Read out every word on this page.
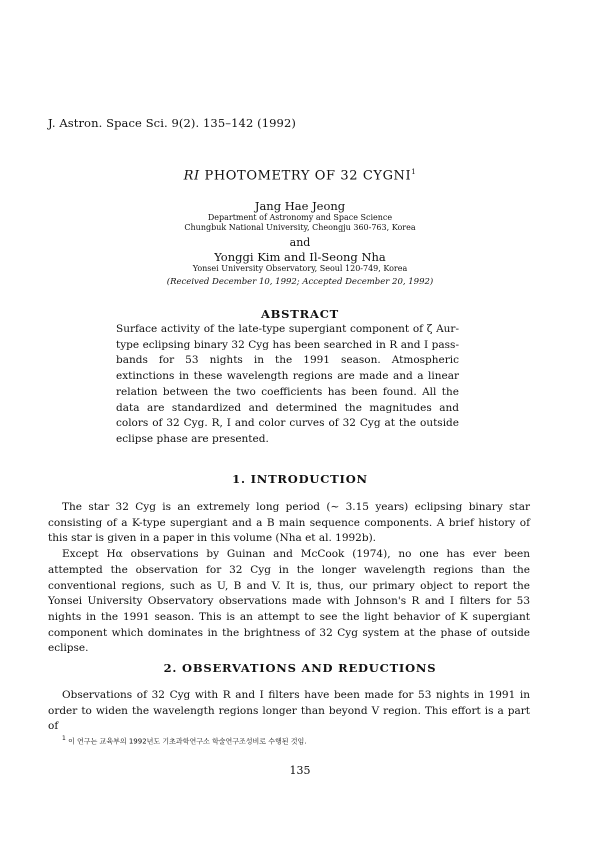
J. Astron. Space Sci. 9(2). 135–142 (1992)
RI PHOTOMETRY OF 32 CYGNI$^1$
Jang Hae Jeong
Department of Astronomy and Space Science
Chungbuk National University, Cheongju 360-763, Korea
and
Yonggi Kim and Il-Seong Nha
Yonsei University Observatory, Seoul 120-749, Korea
(Received December 10, 1992; Accepted December 20, 1992)
ABSTRACT
Surface activity of the late-type supergiant component of ζ Aur-type eclipsing binary 32 Cyg has been searched in R and I pass-bands for 53 nights in the 1991 season. Atmospheric extinctions in these wavelength regions are made and a linear relation between the two coefficients has been found. All the data are standardized and determined the magnitudes and colors of 32 Cyg. R, I and color curves of 32 Cyg at the outside eclipse phase are presented.
1. INTRODUCTION

The star 32 Cyg is an extremely long period (∼ 3.15 years) eclipsing binary star consisting of a K-type supergiant and a B main sequence components. A brief history of this star is given in a paper in this volume (Nha et al. 1992b).

Except Hα observations by Guinan and McCook (1974), no one has ever been attempted the observation for 32 Cyg in the longer wavelength regions than the conventional regions, such as U, B and V. It is, thus, our primary object to report the Yonsei University Observatory observations made with Johnson's R and I filters for 53 nights in the 1991 season. This is an attempt to see the light behavior of K supergiant component which dominates in the brightness of 32 Cyg system at the phase of outside eclipse.

2. OBSERVATIONS AND REDUCTIONS

Observations of 32 Cyg with R and I filters have been made for 53 nights in 1991 in order to widen the wavelength regions longer than beyond V region. This effort is a part of

$^1$ 이 연구는 교육부의 1992년도 기초과학연구소 학술연구조성비로 수행된 것임.
135
